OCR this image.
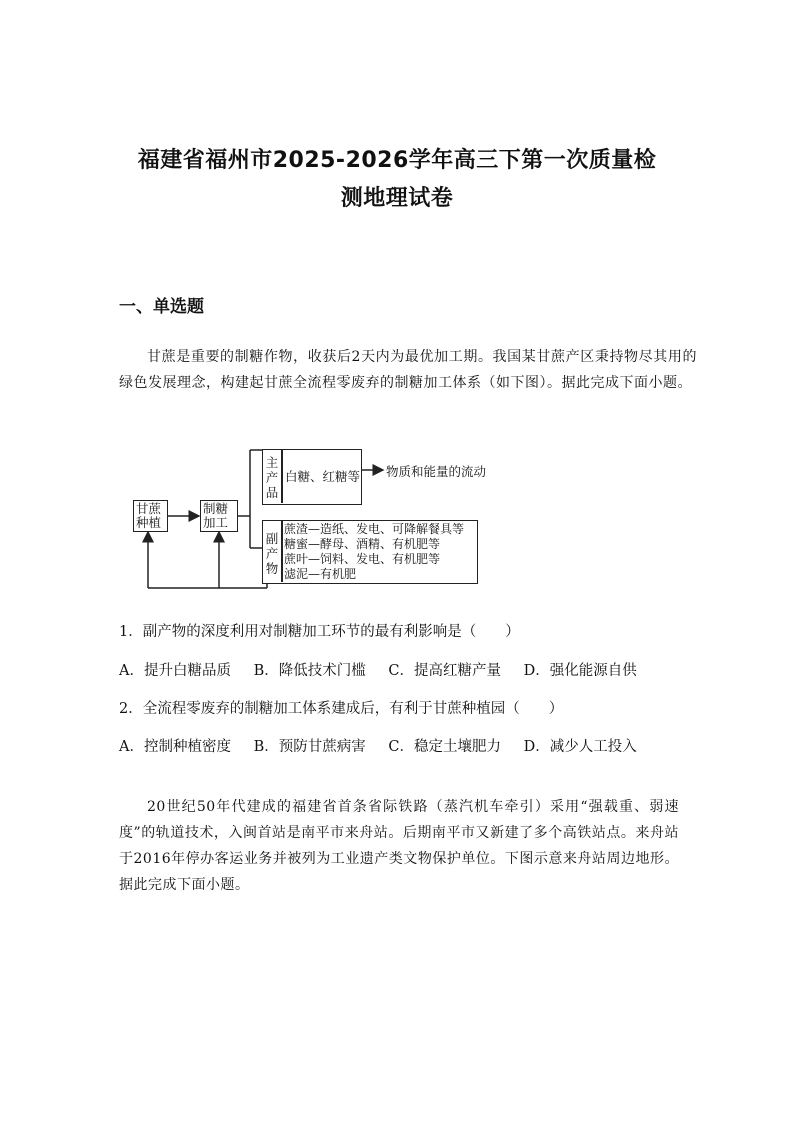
福建省福州市2025-2026学年高三下第一次质量检
测地理试卷
一、单选题
甘蔗是重要的制糖作物，收获后2天内为最优加工期。我国某甘蔗产区秉持物尽其用的绿色发展理念，构建起甘蔗全流程零废弃的制糖加工体系（如下图）。据此完成下面小题。
甘蔗种植
制糖加工
主产品
白糖、红糖等 物质和能量的流动
副产物
蔗渣—造纸、发电、可降解餐具等
糖蜜—酵母、酒精、有机肥等
蔗叶—饲料、发电、有机肥等
滤泥—有机肥
1．副产物的深度利用对制糖加工环节的最有利影响是（　　）
A．提升白糖品质 B．降低技术门槛 C．提高红糖产量 D．强化能源自供
2．全流程零废弃的制糖加工体系建成后，有利于甘蔗种植园（　　）
A．控制种植密度 B．预防甘蔗病害 C．稳定土壤肥力 D．减少人工投入
20世纪50年代建成的福建省首条省际铁路（蒸汽机车牵引）采用“强载重、弱速度”的轨道技术，入闽首站是南平市来舟站。后期南平市又新建了多个高铁站点。来舟站于2016年停办客运业务并被列为工业遗产类文物保护单位。下图示意来舟站周边地形。据此完成下面小题。
